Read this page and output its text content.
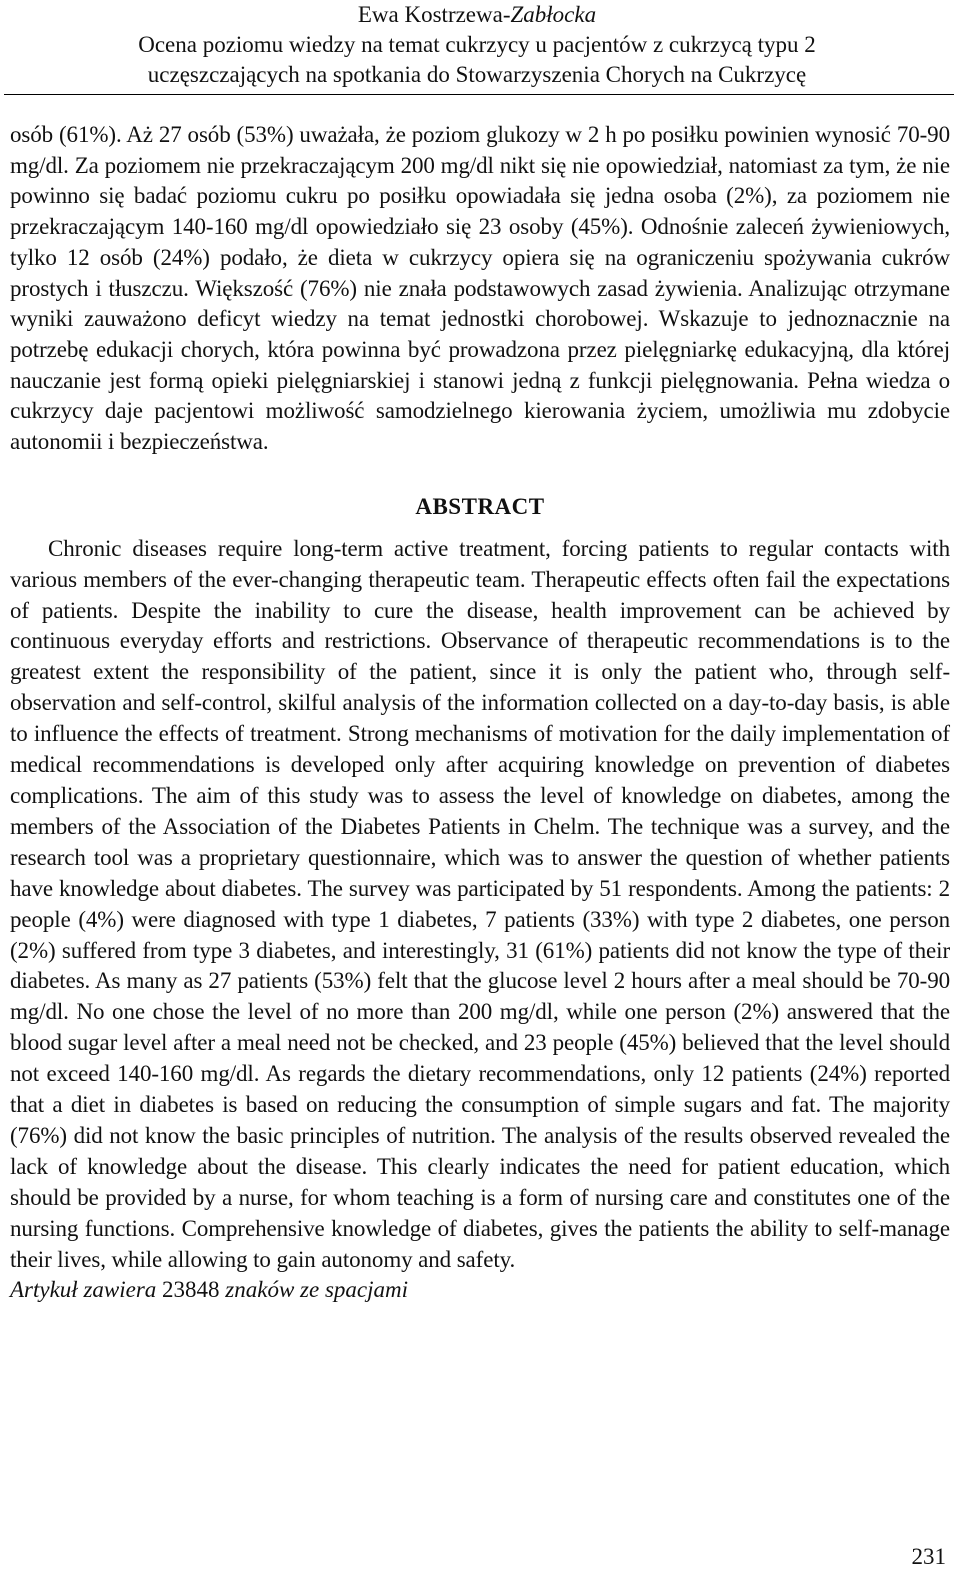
Ewa Kostrzewa-Zabłocka
Ocena poziomu wiedzy na temat cukrzycy u pacjentów z cukrzycą typu 2
uczęszczających na spotkania do Stowarzyszenia Chorych na Cukrzycę

osób (61%). Aż 27 osób (53%) uważała, że poziom glukozy w 2 h po posiłku powinien wynosić 70-90 mg/dl. Za poziomem nie przekraczającym 200 mg/dl nikt się nie opowiedział, natomiast za tym, że nie powinno się badać poziomu cukru po posiłku opowiadała się jedna osoba (2%), za poziomem nie przekraczającym 140-160 mg/dl opowiedziało się 23 osoby (45%). Odnośnie zaleceń żywieniowych, tylko 12 osób (24%) podało, że dieta w cukrzycy opiera się na ograniczeniu spożywania cukrów prostych i tłuszczu. Większość (76%) nie znała podstawowych zasad żywienia. Analizując otrzymane wyniki zauważono deficyt wiedzy na temat jednostki chorobowej. Wskazuje to jednoznacznie na potrzebę edukacji chorych, która powinna być prowadzona przez pielęgniarkę edukacyjną, dla której nauczanie jest formą opieki pielęgniarskiej i stanowi jedną z funkcji pielęgnowania. Pełna wiedza o cukrzycy daje pacjentowi możliwość samodzielnego kierowania życiem, umożliwia mu zdobycie autonomii i bezpieczeństwa.

ABSTRACT

Chronic diseases require long-term active treatment, forcing patients to regular contacts with various members of the ever-changing therapeutic team. Therapeutic effects often fail the expectations of patients. Despite the inability to cure the disease, health improvement can be achieved by continuous everyday efforts and restrictions. Observance of therapeutic recommendations is to the greatest extent the responsibility of the patient, since it is only the patient who, through self-observation and self-control, skilful analysis of the information collected on a day-to-day basis, is able to influence the effects of treatment. Strong mechanisms of motivation for the daily implementation of medical recommendations is developed only after acquiring knowledge on prevention of diabetes complications. The aim of this study was to assess the level of knowledge on diabetes, among the members of the Association of the Diabetes Patients in Chelm. The technique was a survey, and the research tool was a proprietary questionnaire, which was to answer the question of whether patients have knowledge about diabetes. The survey was participated by 51 respondents. Among the patients: 2 people (4%) were diagnosed with type 1 diabetes, 7 patients (33%) with type 2 diabetes, one person (2%) suffered from type 3 diabetes, and interestingly, 31 (61%) patients did not know the type of their diabetes. As many as 27 patients (53%) felt that the glucose level 2 hours after a meal should be 70-90 mg/dl. No one chose the level of no more than 200 mg/dl, while one person (2%) answered that the blood sugar level after a meal need not be checked, and 23 people (45%) believed that the level should not exceed 140-160 mg/dl. As regards the dietary recommendations, only 12 patients (24%) reported that a diet in diabetes is based on reducing the consumption of simple sugars and fat. The majority (76%) did not know the basic principles of nutrition. The analysis of the results observed revealed the lack of knowledge about the disease. This clearly indicates the need for patient education, which should be provided by a nurse, for whom teaching is a form of nursing care and constitutes one of the nursing functions. Comprehensive knowledge of diabetes, gives the patients the ability to self-manage their lives, while allowing to gain autonomy and safety.

Artykuł zawiera 23848 znaków ze spacjami

231
